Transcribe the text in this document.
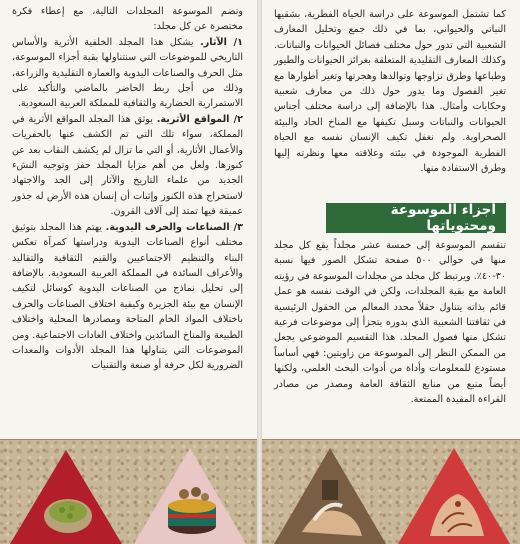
وتضم الموسوعة المجلدات التالية، مع إعطاء فكرة مختصرة عن كل مجلد:

١/ الآثار. يشكل هذا المجلد الخلفية الأثرية والأساس التاريخي للموضوعات التي سنتناولها بقية أجزاء الموسوعة، مثل الحرف والصناعات اليدوية والعمارة التقليدية والزراعة، وذلك من أجل ربط الحاضر بالماضي والتأكيد على الاستمرارية الحضارية والثقافية للمملكة العربية السعودية.

٢/ المواقع الأثرية. يوثق هذا المجلد المواقع الأثرية في المملكة، سواء تلك التي تم الكشف عنها بالحفريات والأعمال الأثارية، أو التي ما تزال لم يكشف النقاب بعد عن كنوزها. ولعل من أهم مزايا المجلد حفز وتوجيه النشء الجديد من علماء التاريخ والآثار إلى الجد والاجتهاد لاستخراج هذه الكنوز وإثبات أن إنسان هذه الأرض له جذور عميقة فيها تمتد إلى آلاف القرون.

٣/ الصناعات والحرف اليدوية. يهتم هذا المجلد بتوثيق مختلف أنواع الصناعات اليدوية ودراستها كمرآة تعكس البناء والتنظيم الاجتماعيين والقيم الثقافية والتقاليد والأعراف السائدة في المملكة العربية السعودية. بالإضافة إلى تحليل نماذج من الصناعات اليدوية كوسائل لتكيف الإنسان مع بيئة الجزيرة وكيفية اختلاف الصناعات والحرف باختلاف المواد الخام المتاحة ومصادرها المحلية واختلاف الطبيعة والمناخ السائدين واختلاف العادات الاجتماعية. ومن الموضوعات التي يتناولها هذا المجلد الأدوات والمعدات الضرورية لكل حرفة أو صنعة والتقنيات

كما تشتمل الموسوعة على دراسة الحياة الفطرية، بشقيها النباتي والحيواني، بما في ذلك جمع وتحليل المعارف الشعبية التي تدور حول مختلف فصائل الحيوانات والنباتات. وكذلك المعارف التقليدية المتعلقة بغرائز الحيوانات والطيور وطباعها وطرق تزاوجها وتوالدها وهجرتها وتغير أطوارها مع تغير الفصول وما يدور حول ذلك من معارف شعبية وحكايات وأمثال. هذا بالإضافة إلى دراسة مختلف أجناس الحيوانات والنباتات وسبل تكيفها مع المناخ الحاد والبيئة الصحراوية. ولم نغفل تكيف الإنسان نفسه مع الحياة الفطرية الموجودة في بيئته وعلاقته معها ونظرته إليها وطرق الاستفادة منها.

أجزاء الموسوعة ومحتوياتها

تنقسم الموسوعة إلى خمسة عشر مجلداً يقع كل مجلد منها في حوالي ٥٠٠ صفحة تشكل الصور فيها نسبة ٣٠-٤٠٪. ويرتبط كل مجلد من مجلدات الموسوعة في رؤيته العامة مع بقية المجلدات، ولكن في الوقت نفسه هو عمل قائم بذاته يتناول حقلاً محدد المعالم من الحقول الرئيسية في ثقافتنا الشعبية الذي بدوره يتجزأ إلى موضوعات فرعية تشكل منها فصول المجلد. هذا التقسيم الموضوعي يجعل من الممكن النظر إلى الموسوعة من زاويتين: فهي أساساً مستودع للمعلومات وأداة من أدوات البحث العلمي، ولكنها أيضاً منبع من منابع الثقافة العامة ومصدر من مصادر القراءة المفيدة الممتعة.
